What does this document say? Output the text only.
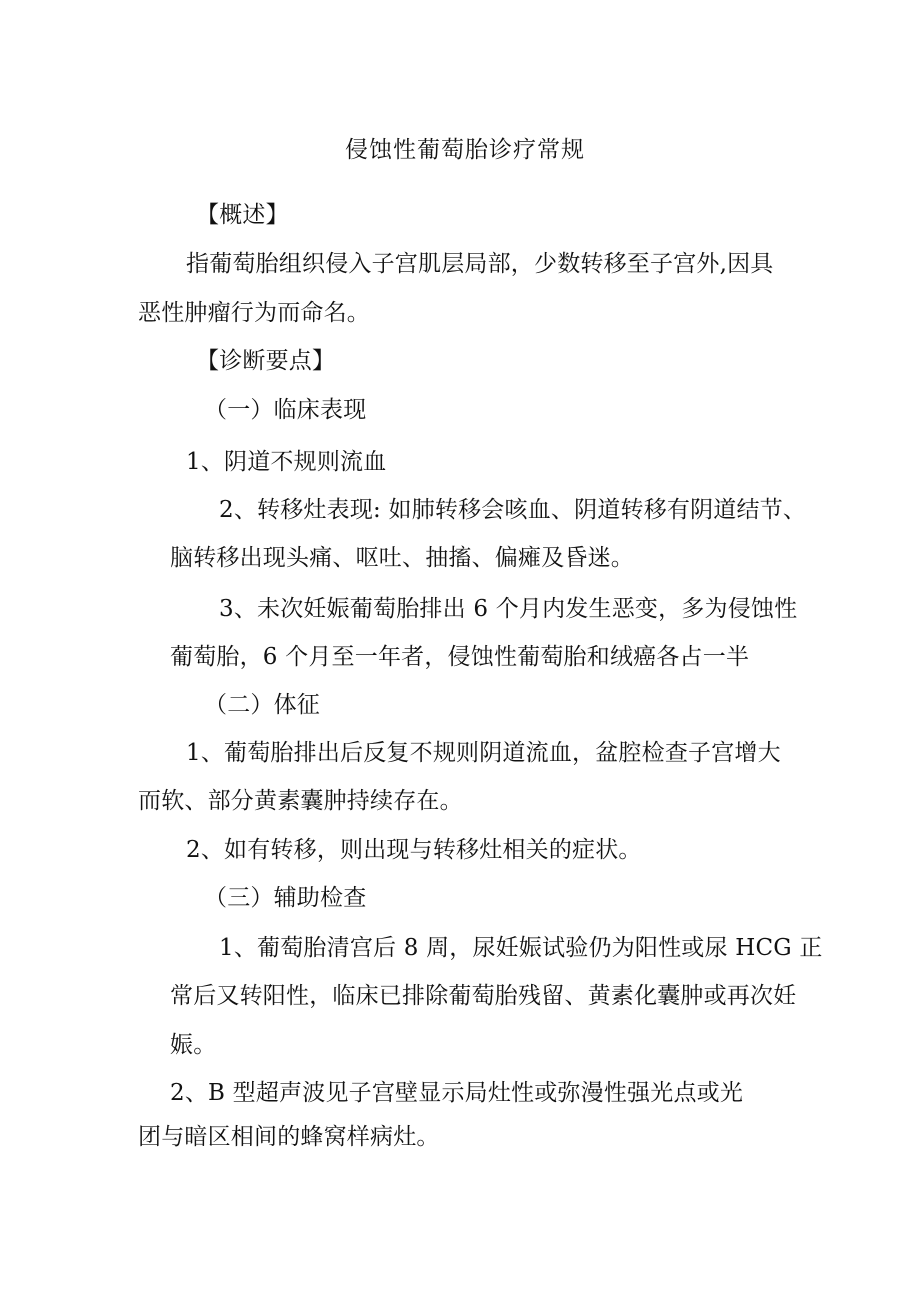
侵蚀性葡萄胎诊疗常规
【概述】
指葡萄胎组织侵入子宫肌层局部，少数转移至子宫外,因具
恶性肿瘤行为而命名。
【诊断要点】
（一）临床表现
1、阴道不规则流血
2、转移灶表现: 如肺转移会咳血、阴道转移有阴道结节、
脑转移出现头痛、呕吐、抽搐、偏瘫及昏迷。
3、未次妊娠葡萄胎排出 6 个月内发生恶变，多为侵蚀性
葡萄胎，6 个月至一年者，侵蚀性葡萄胎和绒癌各占一半
（二）体征
1、葡萄胎排出后反复不规则阴道流血，盆腔检查子宫增大
而软、部分黄素囊肿持续存在。
2、如有转移，则出现与转移灶相关的症状。
（三）辅助检查
1、葡萄胎清宫后 8 周，尿妊娠试验仍为阳性或尿 HCG 正
常后又转阳性，临床已排除葡萄胎残留、黄素化囊肿或再次妊
娠。
2、B 型超声波见子宫壁显示局灶性或弥漫性强光点或光
团与暗区相间的蜂窝样病灶。
